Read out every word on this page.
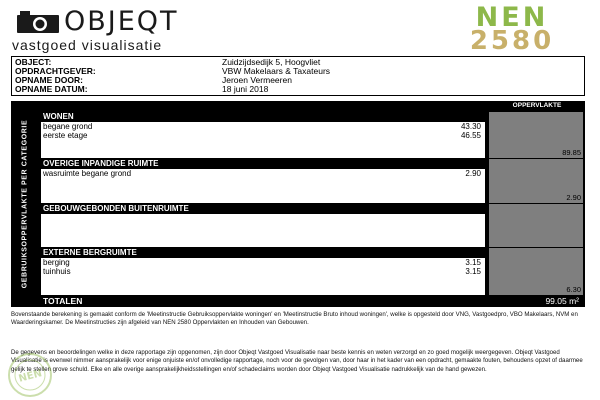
OBJEQT
vastgoed visualisatie
NEN
2580
OBJECT:	Zuidzijdsedijk 5, Hoogvliet
OPDRACHTGEVER:	VBW Makelaars & Taxateurs
OPNAME DOOR:	Jeroen Vermeeren
OPNAME DATUM:	18 juni 2018
GEBRUIKSOPPERVLAKTE PER CATEGORIE
OPPERVLAKTE
WONEN
begane grond	43.30
eerste etage	46.55
89.85
OVERIGE INPANDIGE RUIMTE
wasruimte begane grond	2.90
2.90
GEBOUWGEBONDEN BUITENRUIMTE
EXTERNE BERGRUIMTE
berging	3.15
tuinhuis	3.15
6.30
TOTALEN	99.05 m²
Bovenstaande berekening is gemaakt conform de 'Meetinstructie Gebruiksoppervlakte woningen' en 'Meetinstructie Bruto inhoud woningen', welke is opgesteld door VNG, Vastgoedpro, VBO Makelaars, NVM en Waarderingskamer. De Meetinstructies zijn afgeleid van NEN 2580 Oppervlakten en Inhouden van Gebouwen.
De gegevens en beoordelingen welke in deze rapportage zijn opgenomen, zijn door Objeqt Vastgoed Visualisatie naar beste kennis en weten verzorgd en zo goed mogelijk weergegeven. Objeqt Vastgoed Visualisatie is evenwel nimmer aansprakelijk voor enige onjuiste en/of onvolledige rapportage, noch voor de gevolgen van, door haar in het kader van een opdracht, gemaakte fouten, behoudens opzet of daarmee gelijk te stellen grove schuld. Elke en alle overige aansprakelijkheidsstellingen en/of schadeclaims worden door Objeqt Vastgoed Visualisatie nadrukkelijk van de hand gewezen.
NEN
